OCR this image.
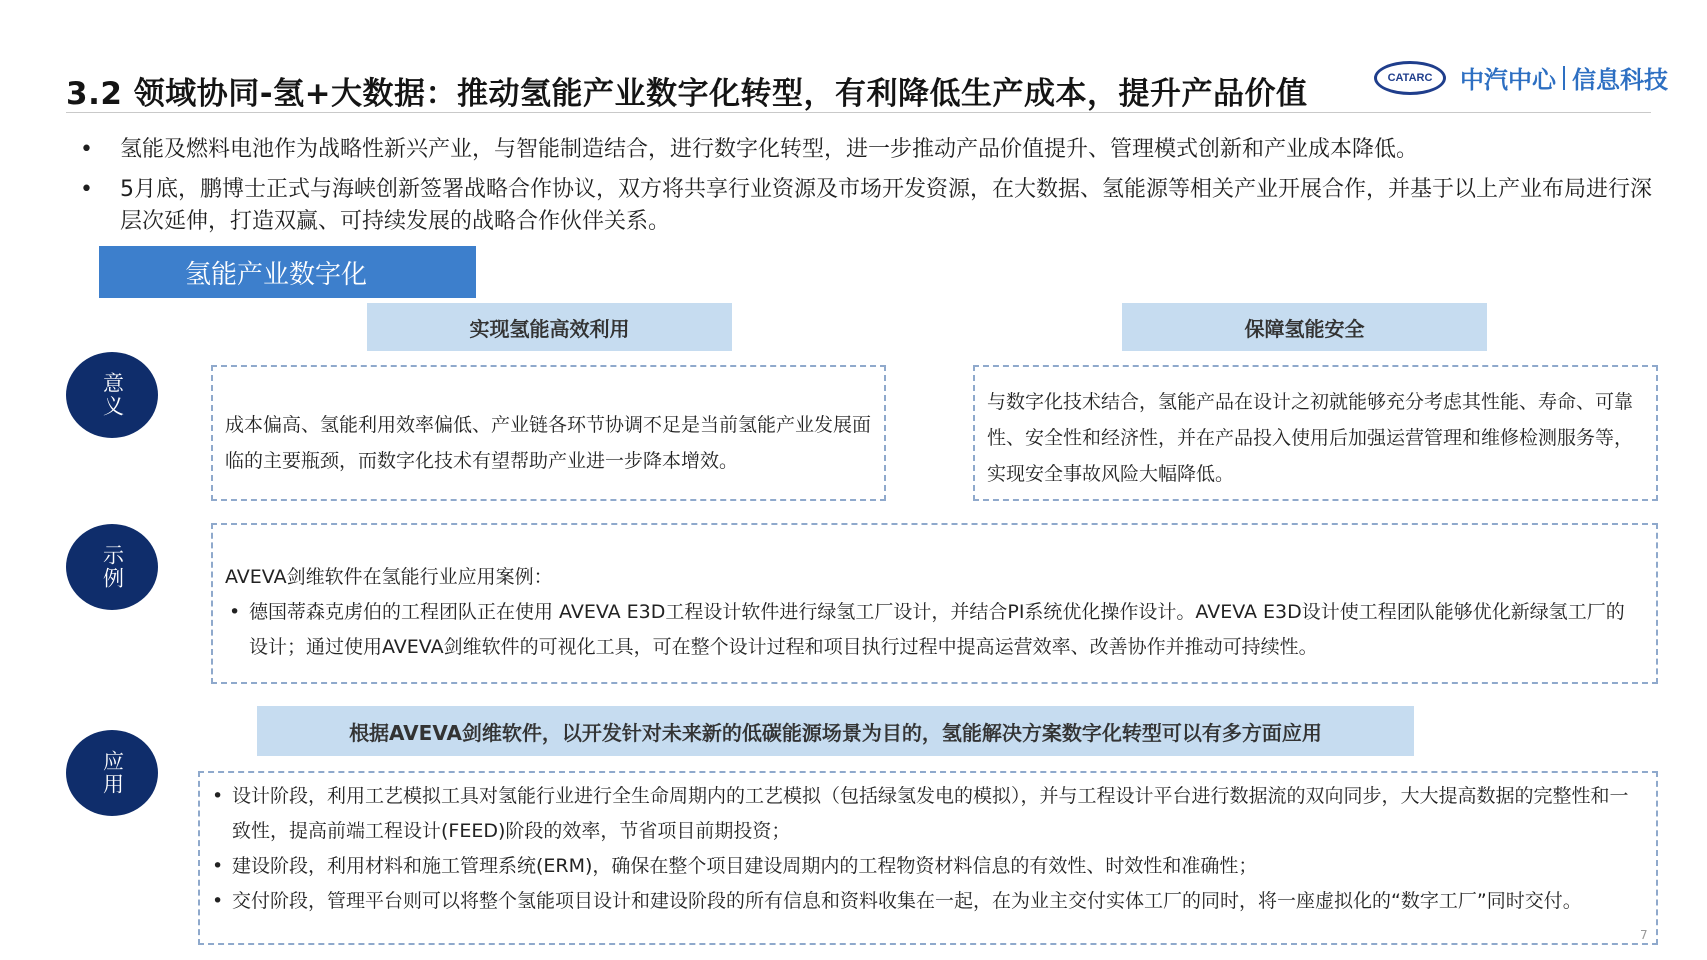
3.2 领域协同-氢+大数据：推动氢能产业数字化转型，有利降低生产成本，提升产品价值	CATARC	中汽中心 信息科技
•	氢能及燃料电池作为战略性新兴产业，与智能制造结合，进行数字化转型，进一步推动产品价值提升、管理模式创新和产业成本降低。
•	5月底，鹏博士正式与海峡创新签署战略合作协议，双方将共享行业资源及市场开发资源，在大数据、氢能源等相关产业开展合作，并基于以上产业布局进行深层次延伸，打造双赢、可持续发展的战略合作伙伴关系。
氢能产业数字化
实现氢能高效利用	保障氢能安全
意义
成本偏高、氢能利用效率偏低、产业链各环节协调不足是当前氢能产业发展面临的主要瓶颈，而数字化技术有望帮助产业进一步降本增效。
与数字化技术结合，氢能产品在设计之初就能够充分考虑其性能、寿命、可靠性、安全性和经济性，并在产品投入使用后加强运营管理和维修检测服务等，实现安全事故风险大幅降低。
示例	AVEVA剑维软件在氢能行业应用案例：
• 德国蒂森克虏伯的工程团队正在使用 AVEVA E3D工程设计软件进行绿氢工厂设计，并结合PI系统优化操作设计。AVEVA E3D设计使工程团队能够优化新绿氢工厂的设计；通过使用AVEVA剑维软件的可视化工具，可在整个设计过程和项目执行过程中提高运营效率、改善协作并推动可持续性。
根据AVEVA剑维软件，以开发针对未来新的低碳能源场景为目的，氢能解决方案数字化转型可以有多方面应用
应用
•	设计阶段，利用工艺模拟工具对氢能行业进行全生命周期内的工艺模拟（包括绿氢发电的模拟），并与工程设计平台进行数据流的双向同步，大大提高数据的完整性和一致性，提高前端工程设计(FEED)阶段的效率，节省项目前期投资；
• 建设阶段，利用材料和施工管理系统(ERM)，确保在整个项目建设周期内的工程物资材料信息的有效性、时效性和准确性；
• 交付阶段，管理平台则可以将整个氢能项目设计和建设阶段的所有信息和资料收集在一起，在为业主交付实体工厂的同时，将一座虚拟化的“数字工厂”同时交付。
7
